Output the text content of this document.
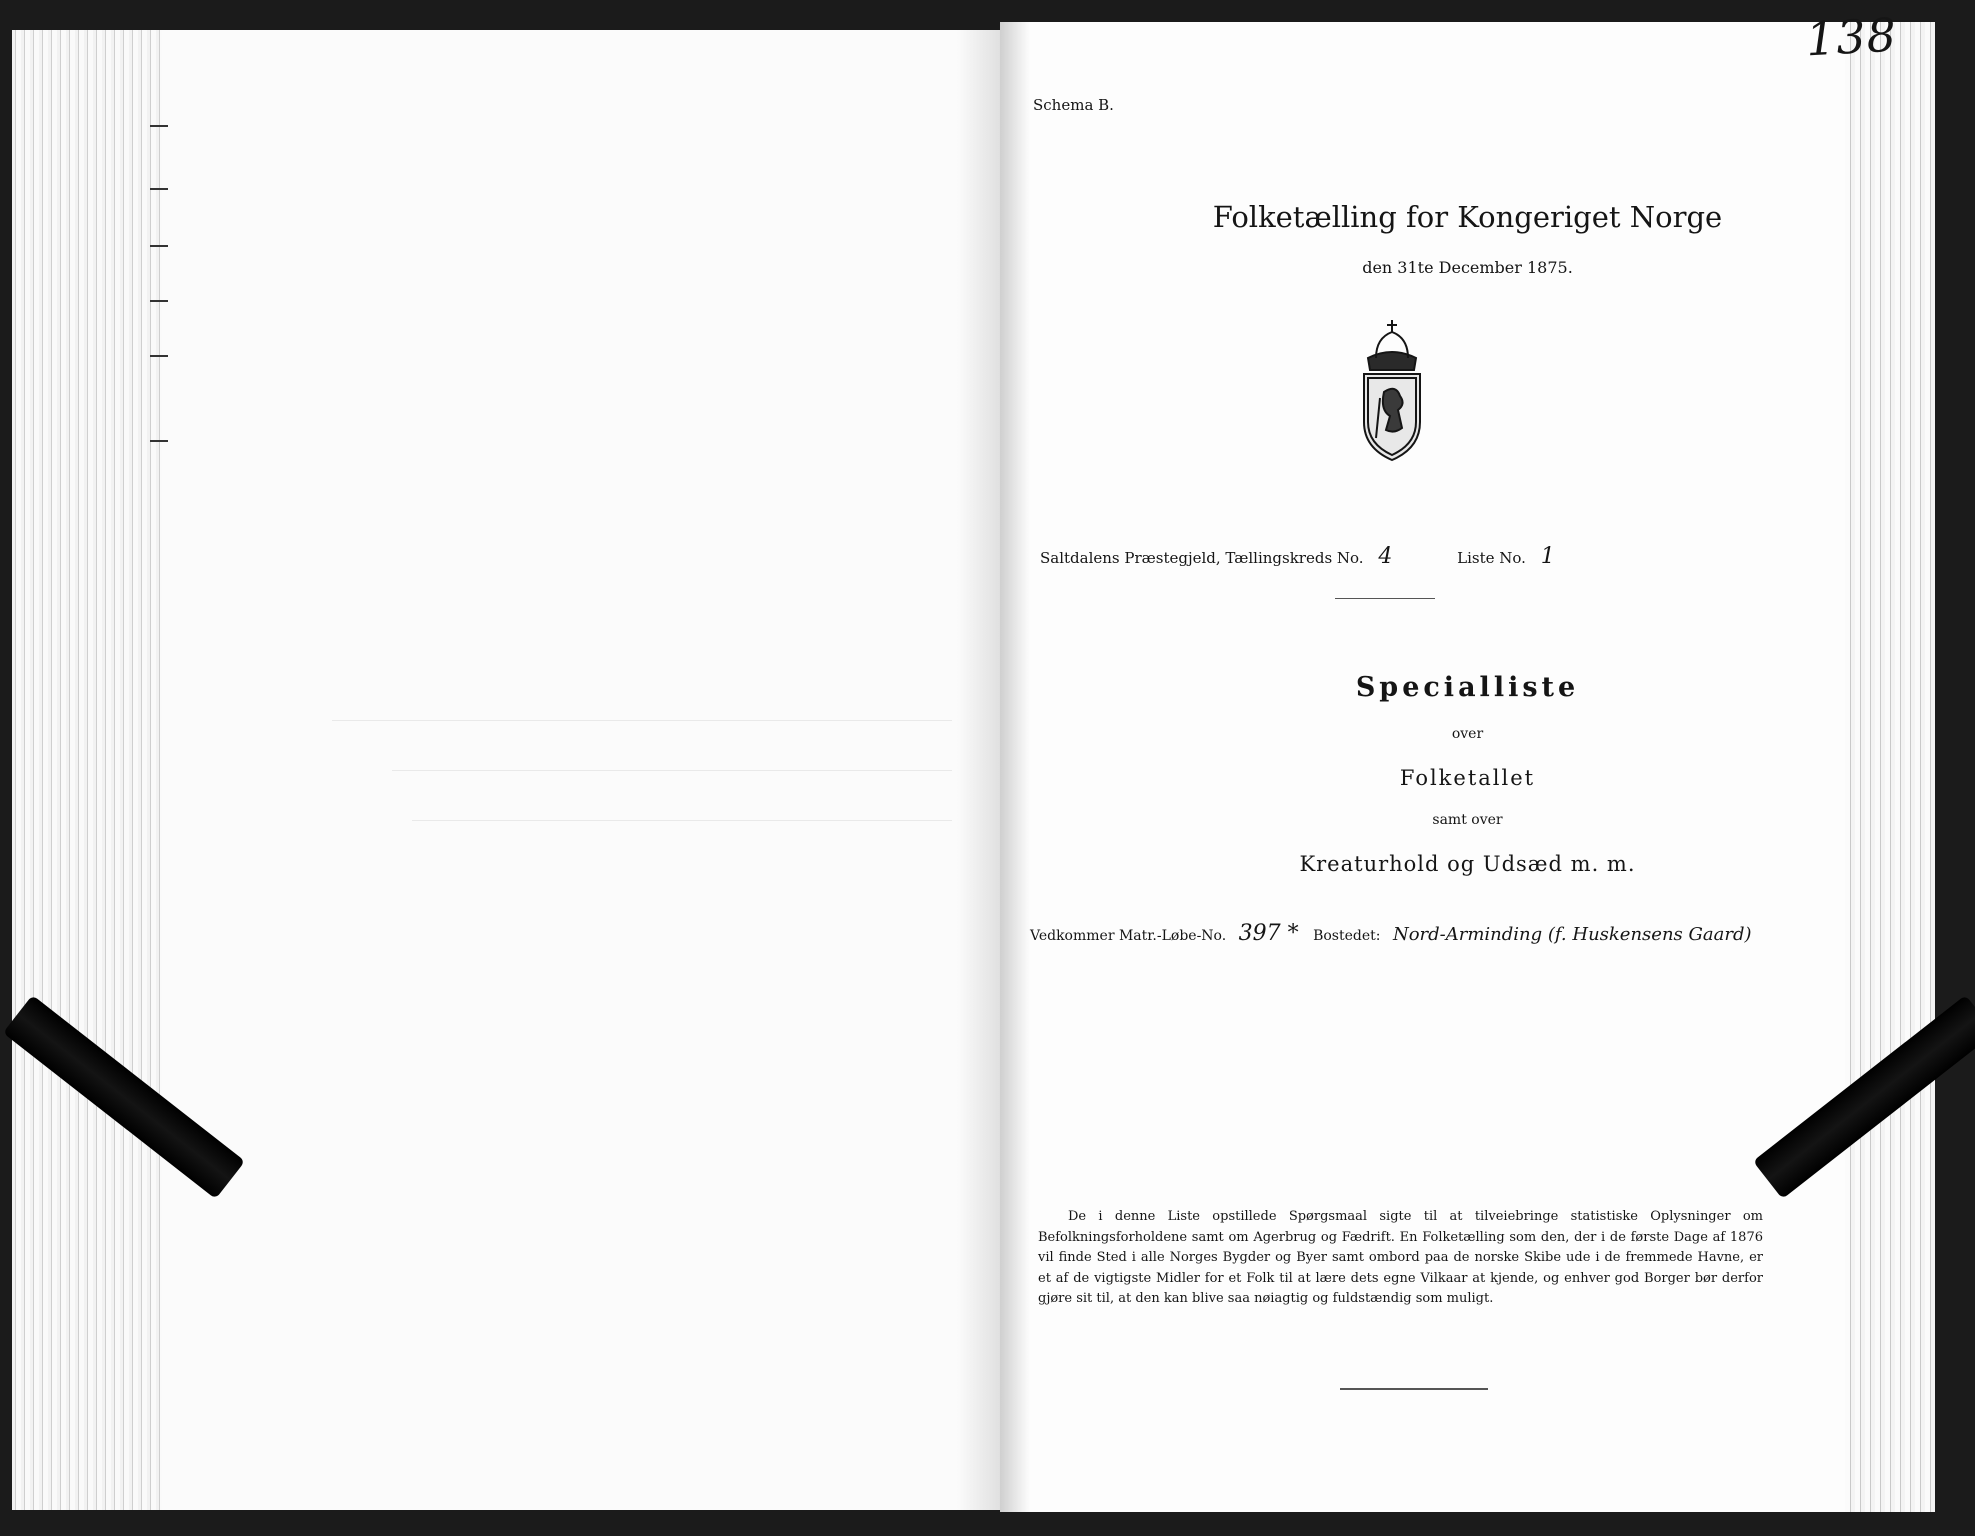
138
Schema B.
Folketælling for Kongeriget Norge
den 31te December 1875.
Saltdalens Præstegjeld, Tællingskreds No. 4	Liste No. 1
Specialliste
over
Folketallet
samt over
Kreaturhold og Udsæd m. m.
Vedkommer Matr.-Løbe-No. 397 * Bostedet: Nord-Arminding (f. Huskensens Gaard)
De i denne Liste opstillede Spørgsmaal sigte til at tilveiebringe statistiske Oplysninger om Befolkningsforholdene samt om Agerbrug og Fædrift. En Folketælling som den, der i de første Dage af 1876 vil finde Sted i alle Norges Bygder og Byer samt ombord paa de norske Skibe ude i de fremmede Havne, er et af de vigtigste Midler for et Folk til at lære dets egne Vilkaar at kjende, og enhver god Borger bør derfor gjøre sit til, at den kan blive saa nøiagtig og fuldstændig som muligt.
